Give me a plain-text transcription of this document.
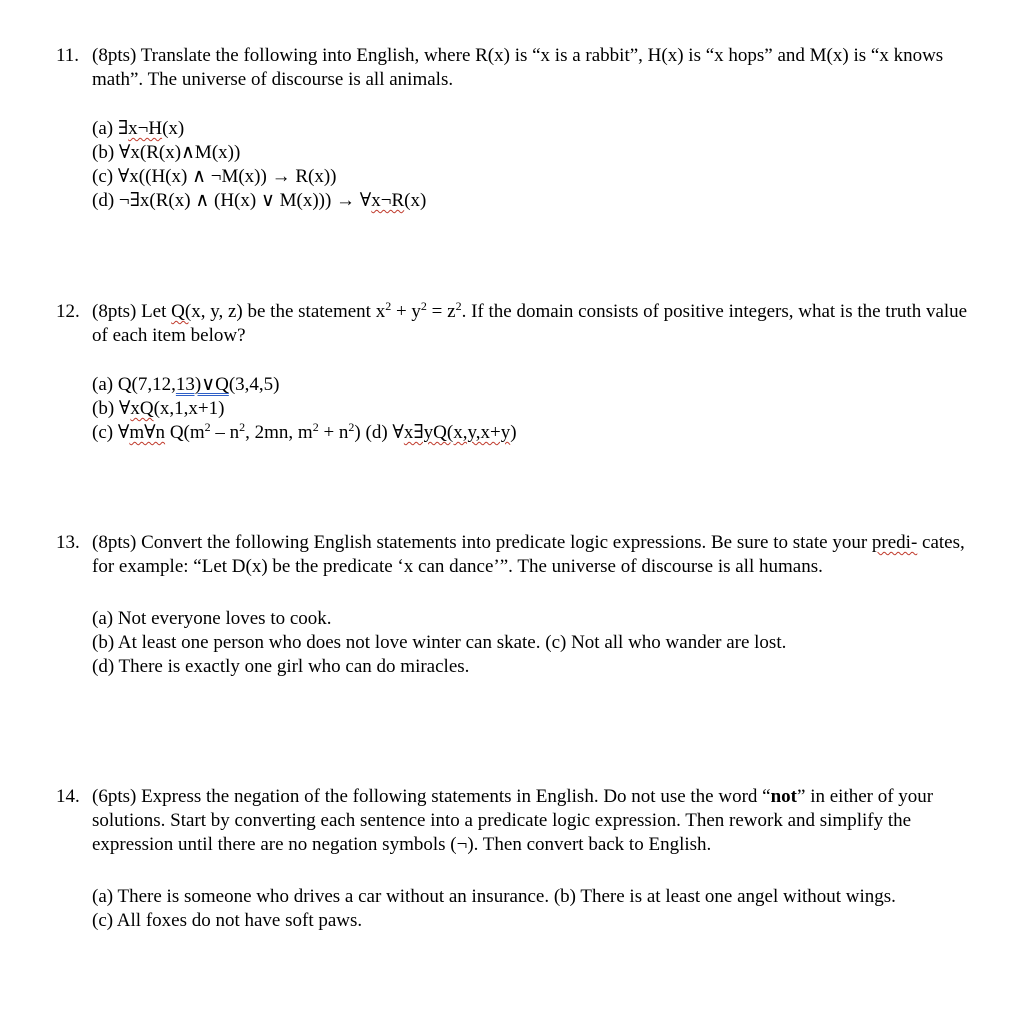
11. (8pts) Translate the following into English, where R(x) is “x is a rabbit”, H(x) is “x hops” and M(x) is “x knows math”. The universe of discourse is all animals.
(a) ∃x¬H(x)
(b) ∀x(R(x)∧M(x))
(c) ∀x((H(x) ∧ ¬M(x)) → R(x))
(d) ¬∃x(R(x) ∧ (H(x) ∨ M(x))) → ∀x¬R(x)
12. (8pts) Let Q(x, y, z) be the statement $x^2 + y^2 = z^2$. If the domain consists of positive integers, what is the truth value of each item below?
(a) Q(7,12,13)∨Q(3,4,5)
(b) ∀xQ(x,1,x+1)
(c) ∀m∀n $Q(m^2 - n^2$, 2mn, $m^2 + n^2$) (d) ∀x∃yQ(x,y,x+y)
13. (8pts) Convert the following English statements into predicate logic expressions. Be sure to state your predi- cates, for example: “Let D(x) be the predicate ‘x can dance’”. The universe of discourse is all humans.
(a) Not everyone loves to cook.
(b) At least one person who does not love winter can skate. (c) Not all who wander are lost.
(d) There is exactly one girl who can do miracles.
14. (6pts) Express the negation of the following statements in English. Do not use the word “not” in either of your solutions. Start by converting each sentence into a predicate logic expression. Then rework and simplify the expression until there are no negation symbols (¬). Then convert back to English.
(a) There is someone who drives a car without an insurance. (b) There is at least one angel without wings.
(c) All foxes do not have soft paws.
